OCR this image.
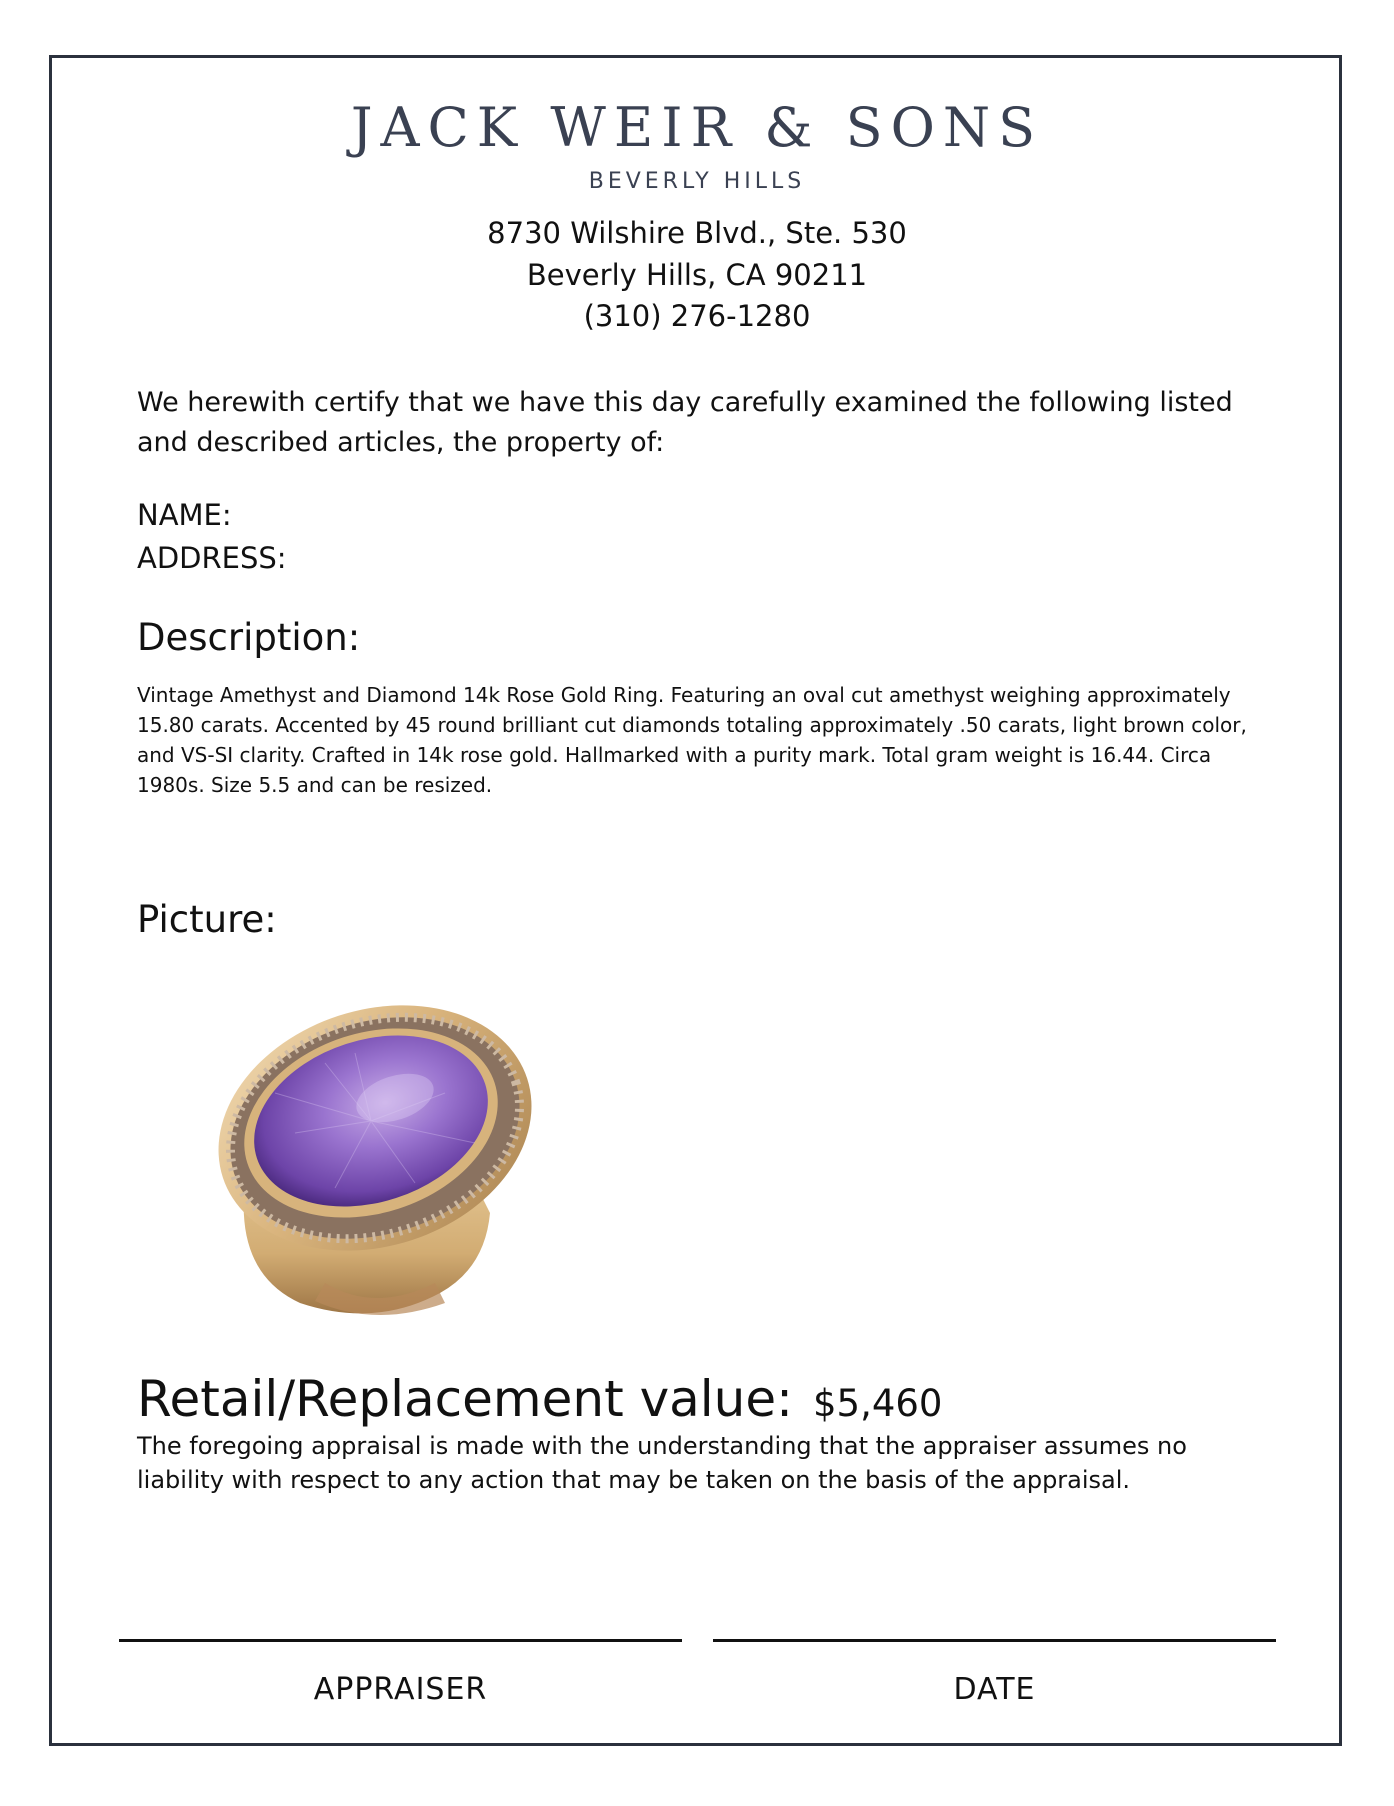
JACK WEIR & SONS
BEVERLY HILLS
8730 Wilshire Blvd., Ste. 530
Beverly Hills, CA 90211
(310) 276-1280
We herewith certify that we have this day carefully examined the following listed and described articles, the property of:
NAME:
ADDRESS:
Description:
Vintage Amethyst and Diamond 14k Rose Gold Ring. Featuring an oval cut amethyst weighing approximately 15.80 carats. Accented by 45 round brilliant cut diamonds totaling approximately .50 carats, light brown color, and VS-SI clarity. Crafted in 14k rose gold. Hallmarked with a purity mark. Total gram weight is 16.44. Circa 1980s. Size 5.5 and can be resized.
Picture:
Retail/Replacement value: $5,460
The foregoing appraisal is made with the understanding that the appraiser assumes no liability with respect to any action that may be taken on the basis of the appraisal.
APPRAISER	DATE
